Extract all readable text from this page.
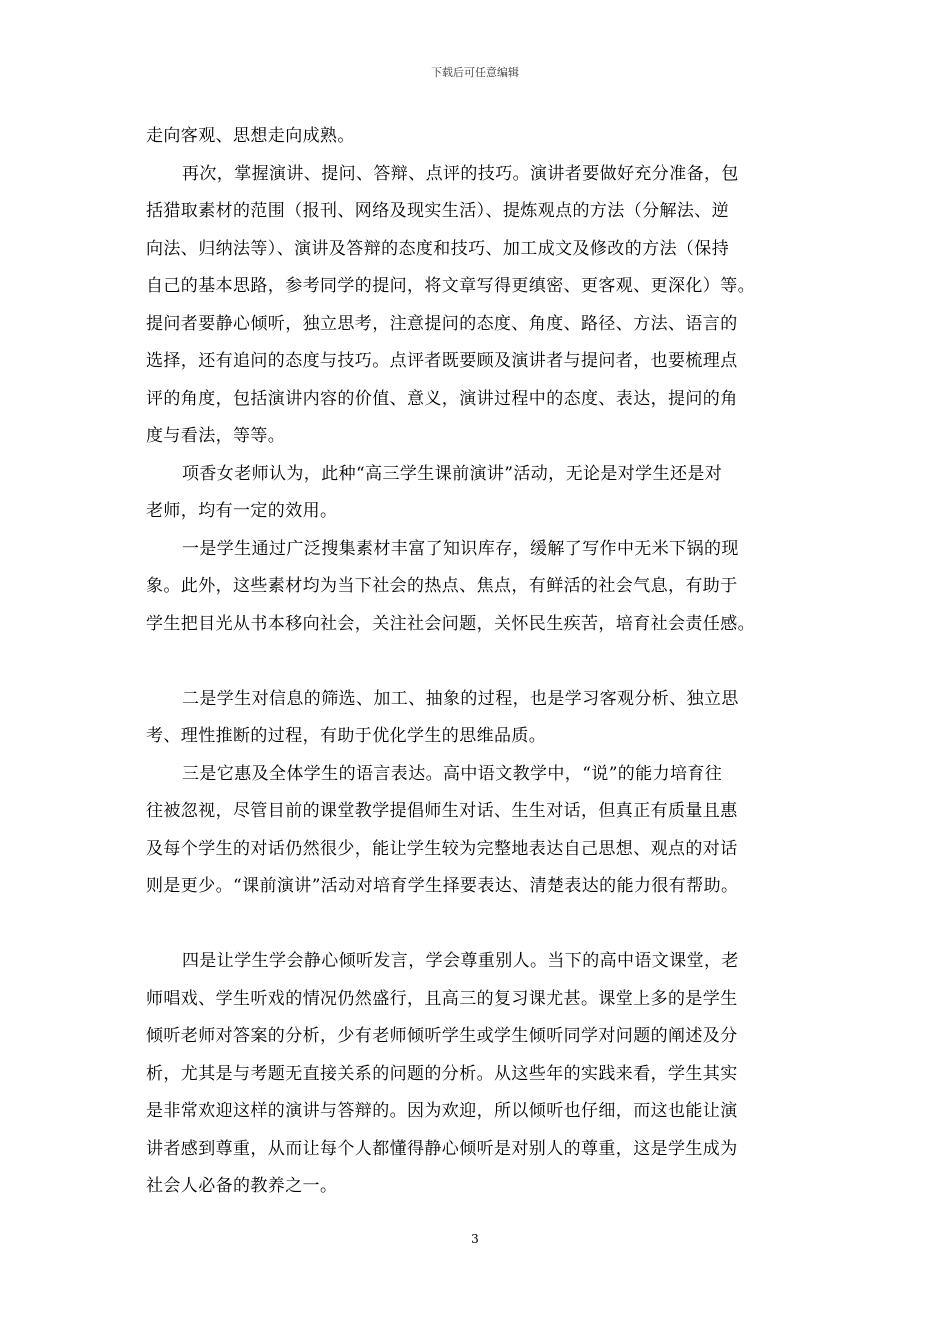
下载后可任意编辑
走向客观、思想走向成熟。
再次，掌握演讲、提问、答辩、点评的技巧。演讲者要做好充分准备，包
括猎取素材的范围（报刊、网络及现实生活）、提炼观点的方法（分解法、逆
向法、归纳法等）、演讲及答辩的态度和技巧、加工成文及修改的方法（保持
自己的基本思路，参考同学的提问，将文章写得更缜密、更客观、更深化）等。
提问者要静心倾听，独立思考，注意提问的态度、角度、路径、方法、语言的
选择，还有追问的态度与技巧。点评者既要顾及演讲者与提问者，也要梳理点
评的角度，包括演讲内容的价值、意义，演讲过程中的态度、表达，提问的角
度与看法，等等。
项香女老师认为，此种“高三学生课前演讲”活动，无论是对学生还是对
老师，均有一定的效用。
一是学生通过广泛搜集素材丰富了知识库存，缓解了写作中无米下锅的现
象。此外，这些素材均为当下社会的热点、焦点，有鲜活的社会气息，有助于
学生把目光从书本移向社会，关注社会问题，关怀民生疾苦，培育社会责任感。
二是学生对信息的筛选、加工、抽象的过程，也是学习客观分析、独立思
考、理性推断的过程，有助于优化学生的思维品质。
三是它惠及全体学生的语言表达。高中语文教学中，“说”的能力培育往
往被忽视，尽管目前的课堂教学提倡师生对话、生生对话，但真正有质量且惠
及每个学生的对话仍然很少，能让学生较为完整地表达自己思想、观点的对话
则是更少。“课前演讲”活动对培育学生择要表达、清楚表达的能力很有帮助。
四是让学生学会静心倾听发言，学会尊重别人。当下的高中语文课堂，老
师唱戏、学生听戏的情况仍然盛行，且高三的复习课尤甚。课堂上多的是学生
倾听老师对答案的分析，少有老师倾听学生或学生倾听同学对问题的阐述及分
析，尤其是与考题无直接关系的问题的分析。从这些年的实践来看，学生其实
是非常欢迎这样的演讲与答辩的。因为欢迎，所以倾听也仔细，而这也能让演
讲者感到尊重，从而让每个人都懂得静心倾听是对别人的尊重，这是学生成为
社会人必备的教养之一。
3
